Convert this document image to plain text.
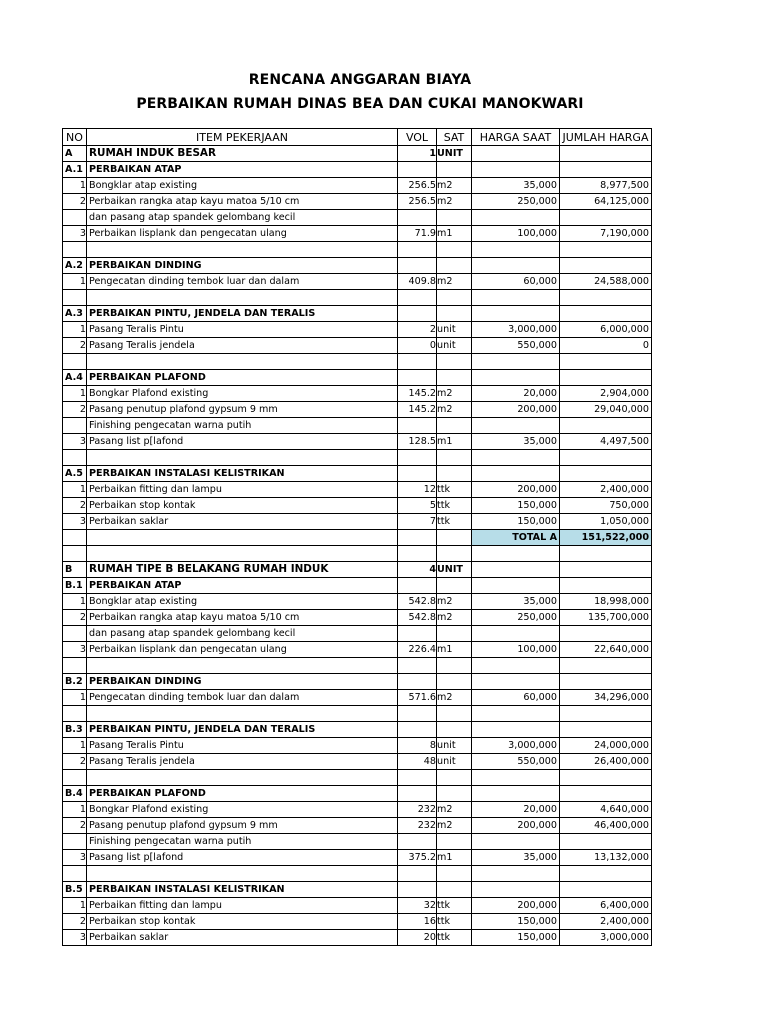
RENCANA ANGGARAN BIAYA
PERBAIKAN RUMAH DINAS BEA DAN CUKAI MANOKWARI
NO	ITEM PEKERJAAN	VOL	SAT	HARGA SAAT	JUMLAH HARGA
A	RUMAH INDUK BESAR	1	UNIT		
A.1	PERBAIKAN ATAP				
1	Bongklar atap existing	256.5	m2	35,000	8,977,500
2	Perbaikan rangka atap kayu matoa 5/10 cm	256.5	m2	250,000	64,125,000
	dan pasang atap spandek gelombang kecil				
3	Perbaikan lisplank dan pengecatan ulang	71.9	m1	100,000	7,190,000

A.2	PERBAIKAN DINDING				
1	Pengecatan dinding tembok luar dan dalam	409.8	m2	60,000	24,588,000

A.3	PERBAIKAN PINTU, JENDELA DAN TERALIS				
1	Pasang Teralis Pintu	2	unit	3,000,000	6,000,000
2	Pasang Teralis jendela	0	unit	550,000	0

A.4	PERBAIKAN PLAFOND				
1	Bongkar Plafond existing	145.2	m2	20,000	2,904,000
2	Pasang penutup plafond gypsum 9 mm	145.2	m2	200,000	29,040,000
	Finishing pengecatan warna putih				
3	Pasang list p[lafond	128.5	m1	35,000	4,497,500

A.5	PERBAIKAN INSTALASI KELISTRIKAN				
1	Perbaikan fitting dan lampu	12	ttk	200,000	2,400,000
2	Perbaikan stop kontak	5	ttk	150,000	750,000
3	Perbaikan saklar	7	ttk	150,000	1,050,000
				TOTAL A	151,522,000

B	RUMAH TIPE B BELAKANG RUMAH INDUK	4	UNIT		
B.1	PERBAIKAN ATAP				
1	Bongklar atap existing	542.8	m2	35,000	18,998,000
2	Perbaikan rangka atap kayu matoa 5/10 cm	542.8	m2	250,000	135,700,000
	dan pasang atap spandek gelombang kecil				
3	Perbaikan lisplank dan pengecatan ulang	226.4	m1	100,000	22,640,000

B.2	PERBAIKAN DINDING				
1	Pengecatan dinding tembok luar dan dalam	571.6	m2	60,000	34,296,000

B.3	PERBAIKAN PINTU, JENDELA DAN TERALIS				
1	Pasang Teralis Pintu	8	unit	3,000,000	24,000,000
2	Pasang Teralis jendela	48	unit	550,000	26,400,000

B.4	PERBAIKAN PLAFOND				
1	Bongkar Plafond existing	232	m2	20,000	4,640,000
2	Pasang penutup plafond gypsum 9 mm	232	m2	200,000	46,400,000
	Finishing pengecatan warna putih				
3	Pasang list p[lafond	375.2	m1	35,000	13,132,000

B.5	PERBAIKAN INSTALASI KELISTRIKAN				
1	Perbaikan fitting dan lampu	32	ttk	200,000	6,400,000
2	Perbaikan stop kontak	16	ttk	150,000	2,400,000
3	Perbaikan saklar	20	ttk	150,000	3,000,000
